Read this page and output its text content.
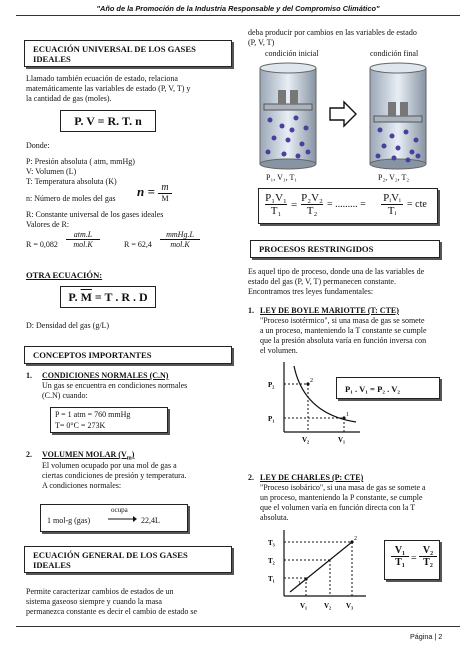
"Año de la Promoción de la Industria Responsable y del Compromiso Climático"
ECUACIÓN UNIVERSAL DE LOS GASES
IDEALES
Llamado también ecuación de estado, relaciona
matemáticamente las variables de estado (P, V, T) y
la cantidad de gas (moles).
P. V = R. T. n
Donde:
P: Presión absoluta ( atm, mmHg)
V: Volumen (L)
T: Temperatura absoluta (K)
n: Número de moles del gas n = m
$\overline{M}$
R: Constante universal de los gases ideales
Valores de R:
R = 0,082
atm.L
mol.K	R = 62,4
mmHg.L
mol.K
OTRA ECUACIÓN:
P. $\overline{M} = T$ . R . D
D: Densidad del gas (g/L)
CONCEPTOS IMPORTANTES
1. CONDICIONES NORMALES (C.N)
Un gas se encuentra en condiciones normales
(C.N) cuando:
P = 1 atm = 760 mmHg
T= 0°C = 273K
2. VOLUMEN MOLAR $(V_m)$
El volumen ocupado por una mol de gas a
ciertas condiciones de presión y temperatura.
A condiciones normales:
1 mol-g (gas)
ocupa
22,4L
ECUACIÓN GENERAL DE LOS GASES
IDEALES
Permite caracterizar cambios de estados de un
sistema gaseoso siempre y cuando la masa
permanezca constante es decir el cambio de estado se
deba producir por cambios en las variables de estado
(P, V, T)
condición inicial	condición final
P₁, V₁, T₁	P₂, V₂, T₂
P₁V₁
T₁ =
P₂V₂
T₂
= ......... =
PᵢVᵢ
Tᵢ
= cte
PROCESOS RESTRINGIDOS
Es aquel tipo de proceso, donde una de las variables de
estado del gas (P, V, T) permanecen constante.
Encontramos tres leyes fundamentales:
1. LEY DE BOYLE MARIOTTE (T: CTE)
"Proceso isotérmico", si una masa de gas se somete
a un proceso, manteniendo la T constante se cumple
que la presión absoluta varía en función inversa con
el volumen.
P₂
P₁
V₂	V₁
2
1
P₁ . V₁ = P₂ . V₂
2. LEY DE CHARLES (P: CTE)
"Proceso isobárico", si una masa de gas se somete a
un proceso, manteniendo la P constante, se cumple
que el volumen varía en función directa con la T
absoluta.
T₃
T₂
T₁
V₁ V₂ V₃
1
2
V₁
T₁ =
V₂
T₂
Página | 2
